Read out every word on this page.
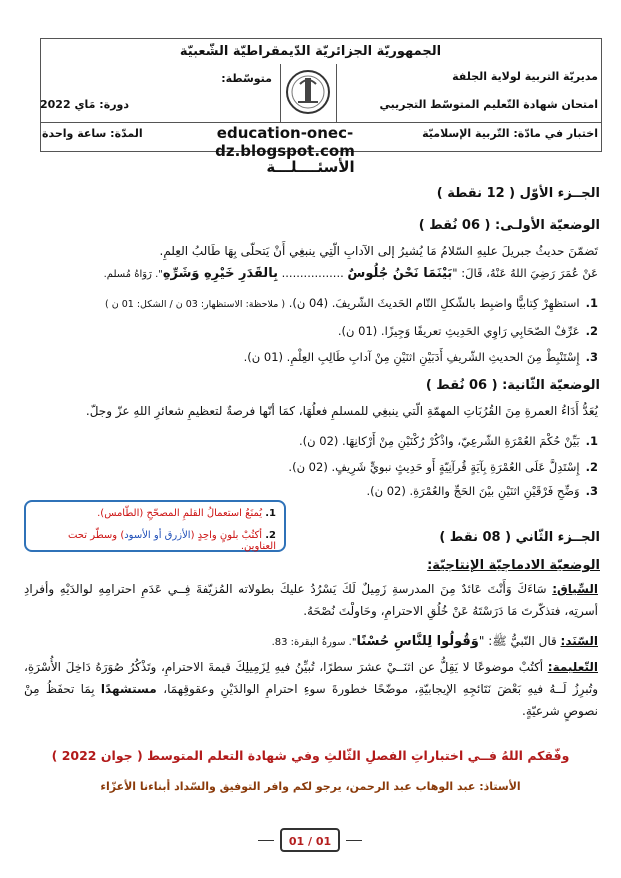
الجمهوريّة الجزائريّة الدّيمقراطيّة الشّعبيّة
مديريّة التربية لولاية الجلفة
متوسّطة:
امتحان شهادة التّعليم المتوسّط التجريبي
دورة: مَاي 2022
اختبار في مادّة: التّربية الإسلاميّة
education-onec-dz.blogspot.com
المدّة: ساعة واحدة
الأسئــــلـــة
الجــزء الأوّل ( 12 نقطة )
الوضعيّة الأولـى: ( 06 نُقط )
تَضمّنَ حديثُ جبريلَ عليهِ السّلامُ مَا يُشيرُ إلى الآدابِ الّتِي ينبغِي أَنْ يَتحلّى بِهَا طَالبُ العِلمِ.
عَنْ عُمَرَ رَضِيَ اللهُ عَنْهُ، قَالَ: "بَيْنَمَا نَحْنُ جُلُوسٌ ................. بِالقَدَرِ خَيْرِهِ وَشَرِّهِ". رَوَاهُ مُسلم.
1.استظهِرْ كِتابيًّا واضبِط بالشّكلِ التّام الحَديثَ الشّريفَ. (04 ن). ( ملاحظة: الاستظهار: 03 ن / الشكل: 01 ن )
2.عَرِّفْ الصّحَابِي رَاوِي الحَدِيثِ تعريفًا وَجِيزًا. (01 ن).
3.إِسْتَنْبِطْ مِنَ الحديثِ الشّريفِ أَدَبَيْنِ اثنَيْنِ مِنْ آدابِ طَالِبِ العِلْمِ. (01 ن).
الوضعيّة الثّانية: ( 06 نُقط )
يُعَدُّ أَدَاءُ العمرةِ مِنَ القُرُبَاتِ المهمّةِ الّتي ينبغِي للمسلمِ فعلُهَا، كمَا أنّها فرصةٌ لتعظيمِ شعائرِ اللهِ عزّ وجلّ.
1.بَيِّنْ حُكْمَ العُمْرَةِ الشّرعِيّ، واذْكُرْ رُكْنَيْنِ مِنْ أَرْكانِهَا. (02 ن).
2.إِسْتَدِلَّ عَلَى العُمْرَةِ بِآيَةٍ قُرآنِيّةٍ أَو حَدِيثٍ نبويٍّ شَرِيفٍ. (02 ن).
3.وَضِّحِ فَرْقَيْنِ اثنَيْنِ بيْنَ الحَجِّ والعُمْرَةِ. (02 ن).
1. يُمنَعُ استعمالُ القلمِ المصحّحِ (الطّامس).
2. أكتُبْ بلونٍ واحِدٍ (الأزرق أو الأسود) وسطّر تحت العناوين.
الجــزء الثّاني ( 08 نقط )
الوضعيّة الادماجيّة الإنتاجيّة:
السِّياق: سَاءَكَ وَأَنْتَ عَائدٌ مِنَ المدرسةِ زَمِيلٌ لَكَ يَسْرُدُ عليكَ بطولاته المُزيّفةَ فِــي عَدَمِ احترامِهِ لوالدَيْهِ وأفرادِ أسرتِه، فتذكّرتَ مَا دَرَسْتَهُ عَنْ خُلُقِ الاحترامِ، وحَاولْتَ نُصْحَهُ.
السّنَد: قال النّبيُّ ﷺ: "وَقُولُوا لِلنَّاسِ حُسْنًا". سورةُ البقرة: 83.
التّعليمة: أكتُبْ موضوعًا لا يَقِلُّ عن اثنَــيْ عشرَ سطرًا، تُبيِّنُ فيهِ لِزَمِيلِكَ قيمةَ الاحترامِ، وتَذْكُرُ صُوَرَهُ دَاخِلَ الأُسْرَةِ، وتُبرِزُ لَــهُ فيهِ بَعْضَ نَتَائجِهِ الإيجابيّةِ، موضّحًا خطورةَ سوءِ احترامِ الوالدَيْنِ وعقوقِهمَا، مستشهدًا بِمَا تحفَظُ مِنْ نصوصٍ شرعيّةٍ.
وفّقكم اللهُ فــي اختباراتِ الفصلِ الثّالثِ وفي شهادة التعلم المتوسط ( جوان 2022 )
الأستاذ: عبد الوهاب عبد الرحمن، يرجو لكم وافر التوفيق والسّداد أبناءنا الأعزّاء
01 / 01
